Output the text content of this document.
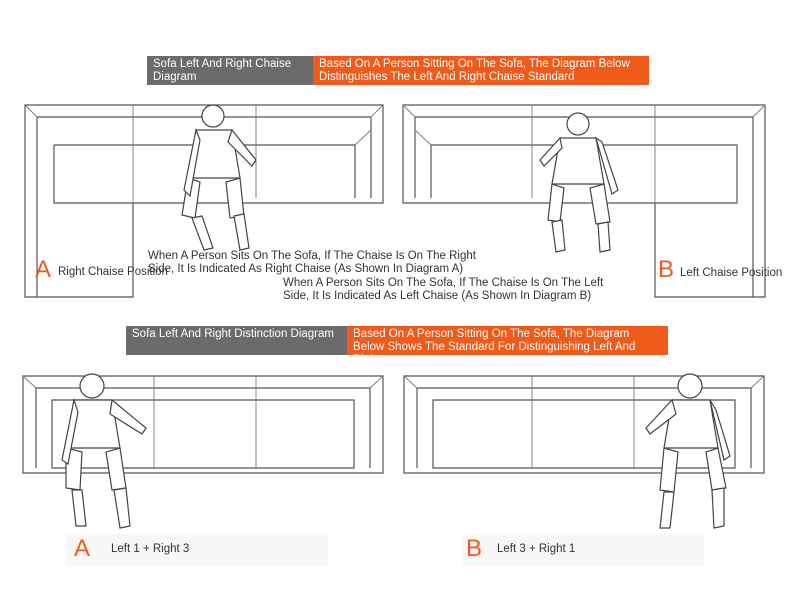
Sofa Left And Right Chaise Diagram
Based On A Person Sitting On The Sofa, The Diagram Below Distinguishes The Left And Right Chaise Standard
A Right Chaise Position
When A Person Sits On The Sofa, If The Chaise Is On The Right Side, It Is Indicated As Right Chaise (As Shown In Diagram A)
When A Person Sits On The Sofa, If The Chaise Is On The Left Side, It Is Indicated As Left Chaise (As Shown In Diagram B)
B Left Chaise Position
Sofa Left And Right Distinction Diagram	Based On A Person Sitting On The Sofa, The Diagram Below Shows The Standard For Distinguishing Left And Right
A Left 1 + Right 3	B Left 3 + Right 1
